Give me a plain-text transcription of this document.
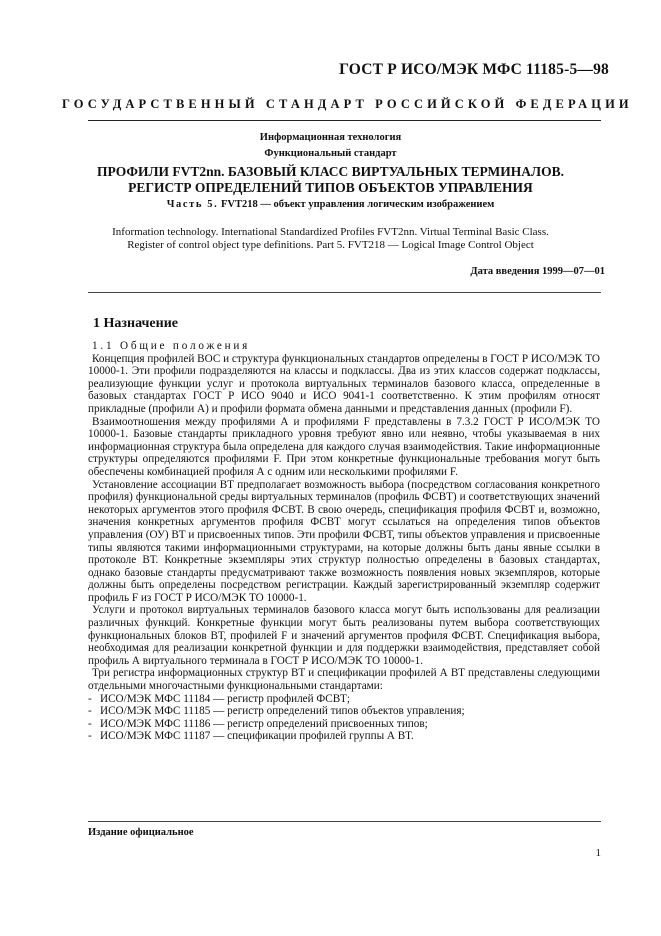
ГОСТ Р ИСО/МЭК МФС 11185-5—98
ГОСУДАРСТВЕННЫЙ СТАНДАРТ РОССИЙСКОЙ ФЕДЕРАЦИИ
Информационная технология
Функциональный стандарт
ПРОФИЛИ FVT2nn. БАЗОВЫЙ КЛАСС ВИРТУАЛЬНЫХ ТЕРМИНАЛОВ.
РЕГИСТР ОПРЕДЕЛЕНИЙ ТИПОВ ОБЪЕКТОВ УПРАВЛЕНИЯ
Часть 5. FVT218 — объект управления логическим изображением
Information technology. International Standardized Profiles FVT2nn. Virtual Terminal Basic Class.
Register of control object type definitions. Part 5. FVT218 — Logical Image Control Object
Дата введения 1999—07—01
1 Назначение

1.1 Общие положения

Концепция профилей ВОС и структура функциональных стандартов определены в ГОСТ Р ИСО/МЭК ТО 10000-1. Эти профили подразделяются на классы и подклассы. Два из этих классов содержат подклассы, реализующие функции услуг и протокола виртуальных терминалов базового класса, определенные в базовых стандартах ГОСТ Р ИСО 9040 и ИСО 9041-1 соответственно. К этим профилям относят прикладные (профили А) и профили формата обмена данными и представления данных (профили F).

Взаимоотношения между профилями А и профилями F представлены в 7.3.2 ГОСТ Р ИСО/МЭК ТО 10000-1. Базовые стандарты прикладного уровня требуют явно или неявно, чтобы указываемая в них информационная структура была определена для каждого случая взаимодействия. Такие информационные структуры определяются профилями F. При этом конкретные функциональные требования могут быть обеспечены комбинацией профиля А с одним или несколькими профилями F.

Установление ассоциации ВТ предполагает возможность выбора (посредством согласования конкретного профиля) функциональной среды виртуальных терминалов (профиль ФСВТ) и соответствующих значений некоторых аргументов этого профиля ФСВТ. В свою очередь, спецификация профиля ФСВТ и, возможно, значения конкретных аргументов профиля ФСВТ могут ссылаться на определения типов объектов управления (ОУ) ВТ и присвоенных типов. Эти профили ФСВТ, типы объектов управления и присвоенные типы являются такими информационными структурами, на которые должны быть даны явные ссылки в протоколе ВТ. Конкретные экземпляры этих структур полностью определены в базовых стандартах, однако базовые стандарты предусматривают также возможность появления новых экземпляров, которые должны быть определены посредством регистрации. Каждый зарегистрированный экземпляр содержит профиль F из ГОСТ Р ИСО/МЭК ТО 10000-1.

Услуги и протокол виртуальных терминалов базового класса могут быть использованы для реализации различных функций. Конкретные функции могут быть реализованы путем выбора соответствующих функциональных блоков ВТ, профилей F и значений аргументов профиля ФСВТ. Спецификация выбора, необходимая для реализации конкретной функции и для поддержки взаимодействия, представляет собой профиль А виртуального терминала в ГОСТ Р ИСО/МЭК ТО 10000-1.

Три регистра информационных структур ВТ и спецификации профилей А ВТ представлены следующими отдельными многочастными функциональными стандартами:

- ИСО/МЭК МФС 11184 — регистр профилей ФСВТ;
- ИСО/МЭК МФС 11185 — регистр определений типов объектов управления;
- ИСО/МЭК МФС 11186 — регистр определений присвоенных типов;
- ИСО/МЭК МФС 11187 — спецификации профилей группы А ВТ.
Издание официальное
1
